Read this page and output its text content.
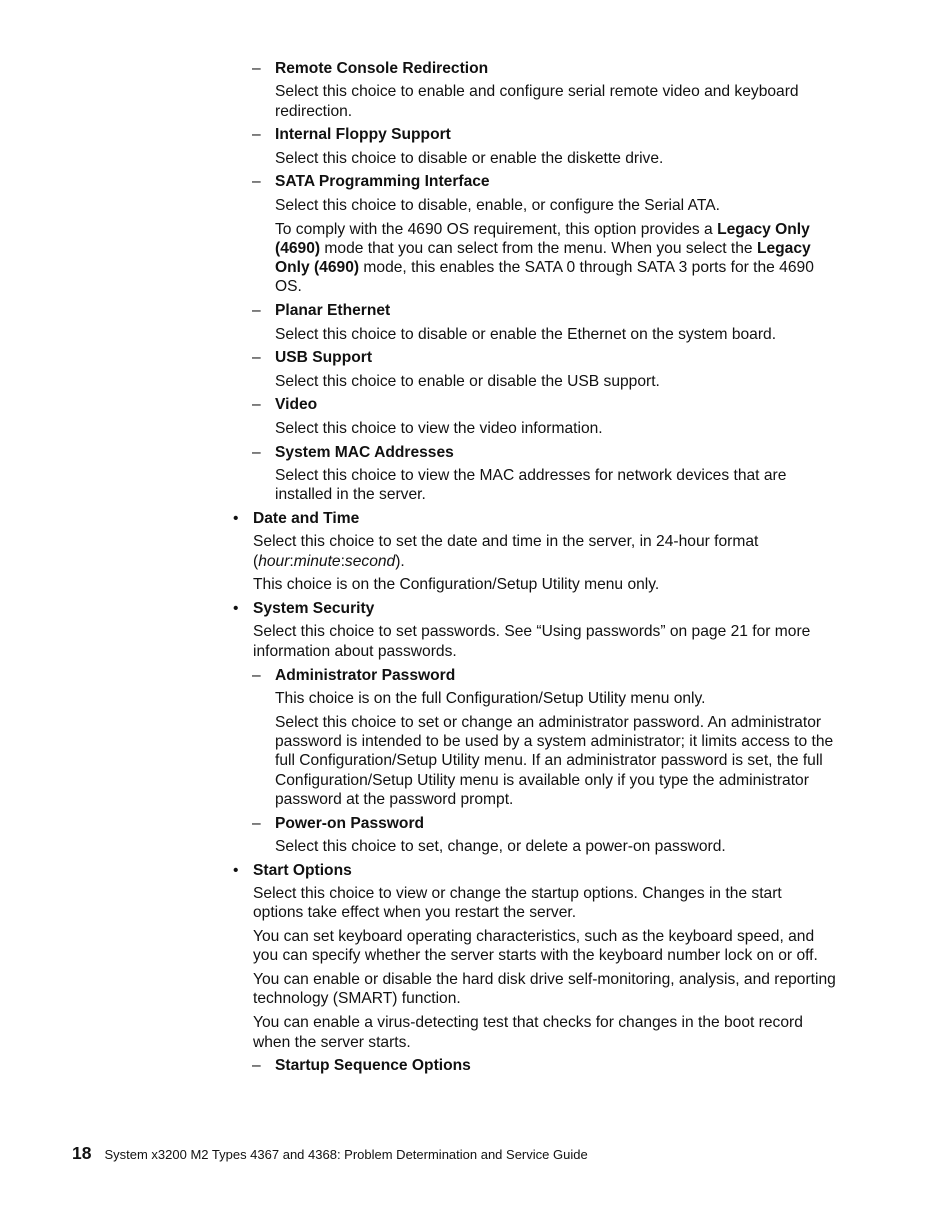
– Remote Console Redirection
Select this choice to enable and configure serial remote video and keyboard redirection.
– Internal Floppy Support
Select this choice to disable or enable the diskette drive.
– SATA Programming Interface
Select this choice to disable, enable, or configure the Serial ATA.
To comply with the 4690 OS requirement, this option provides a Legacy Only (4690) mode that you can select from the menu. When you select the Legacy Only (4690) mode, this enables the SATA 0 through SATA 3 ports for the 4690 OS.
– Planar Ethernet
Select this choice to disable or enable the Ethernet on the system board.
– USB Support
Select this choice to enable or disable the USB support.
– Video
Select this choice to view the video information.
– System MAC Addresses
Select this choice to view the MAC addresses for network devices that are installed in the server.
• Date and Time
Select this choice to set the date and time in the server, in 24-hour format (hour:minute:second).
This choice is on the Configuration/Setup Utility menu only.
• System Security
Select this choice to set passwords. See “Using passwords” on page 21 for more information about passwords.
– Administrator Password
This choice is on the full Configuration/Setup Utility menu only.
Select this choice to set or change an administrator password. An administrator password is intended to be used by a system administrator; it limits access to the full Configuration/Setup Utility menu. If an administrator password is set, the full Configuration/Setup Utility menu is available only if you type the administrator password at the password prompt.
– Power-on Password
Select this choice to set, change, or delete a power-on password.
• Start Options
Select this choice to view or change the startup options. Changes in the start options take effect when you restart the server.
You can set keyboard operating characteristics, such as the keyboard speed, and you can specify whether the server starts with the keyboard number lock on or off.
You can enable or disable the hard disk drive self-monitoring, analysis, and reporting technology (SMART) function.
You can enable a virus-detecting test that checks for changes in the boot record when the server starts.
– Startup Sequence Options
18 System x3200 M2 Types 4367 and 4368: Problem Determination and Service Guide
